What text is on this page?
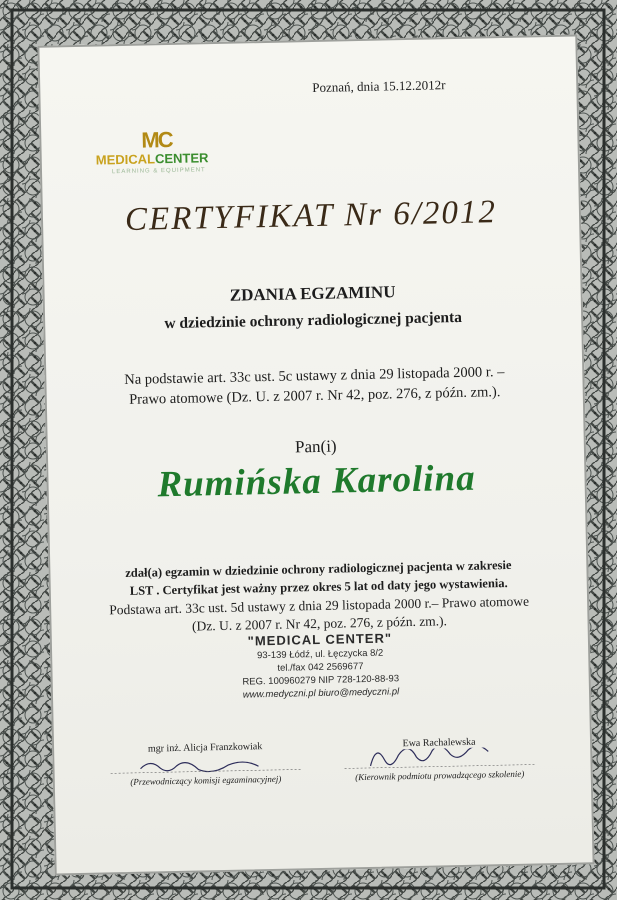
Poznań, dnia 15.12.2012r
MC
MEDICALCENTER
LEARNING & EQUIPMENT
CERTYFIKAT Nr 6/2012
ZDANIA EGZAMINU
w dziedzinie ochrony radiologicznej pacjenta
Na podstawie art. 33c ust. 5c ustawy z dnia 29 listopada 2000 r. –
Prawo atomowe (Dz. U. z 2007 r. Nr 42, poz. 276, z późn. zm.).
Pan(i)
Rumińska Karolina
zdał(a) egzamin w dziedzinie ochrony radiologicznej pacjenta w zakresie
LST . Certyfikat jest ważny przez okres 5 lat od daty jego wystawienia.
Podstawa art. 33c ust. 5d ustawy z dnia 29 listopada 2000 r.– Prawo atomowe
(Dz. U. z 2007 r. Nr 42, poz. 276, z późn. zm.).
"MEDICAL CENTER"
93-139 Łódź, ul. Łęczycka 8/2
tel./fax 042 2569677
REG. 100960279 NIP 728-120-88-93
www.medyczni.pl biuro@medyczni.pl
mgr inż. Alicja Franzkowiak
(Przewodniczący komisji egzaminacyjnej)
Ewa Rachalewska
(Kierownik podmiotu prowadzącego szkolenie)
